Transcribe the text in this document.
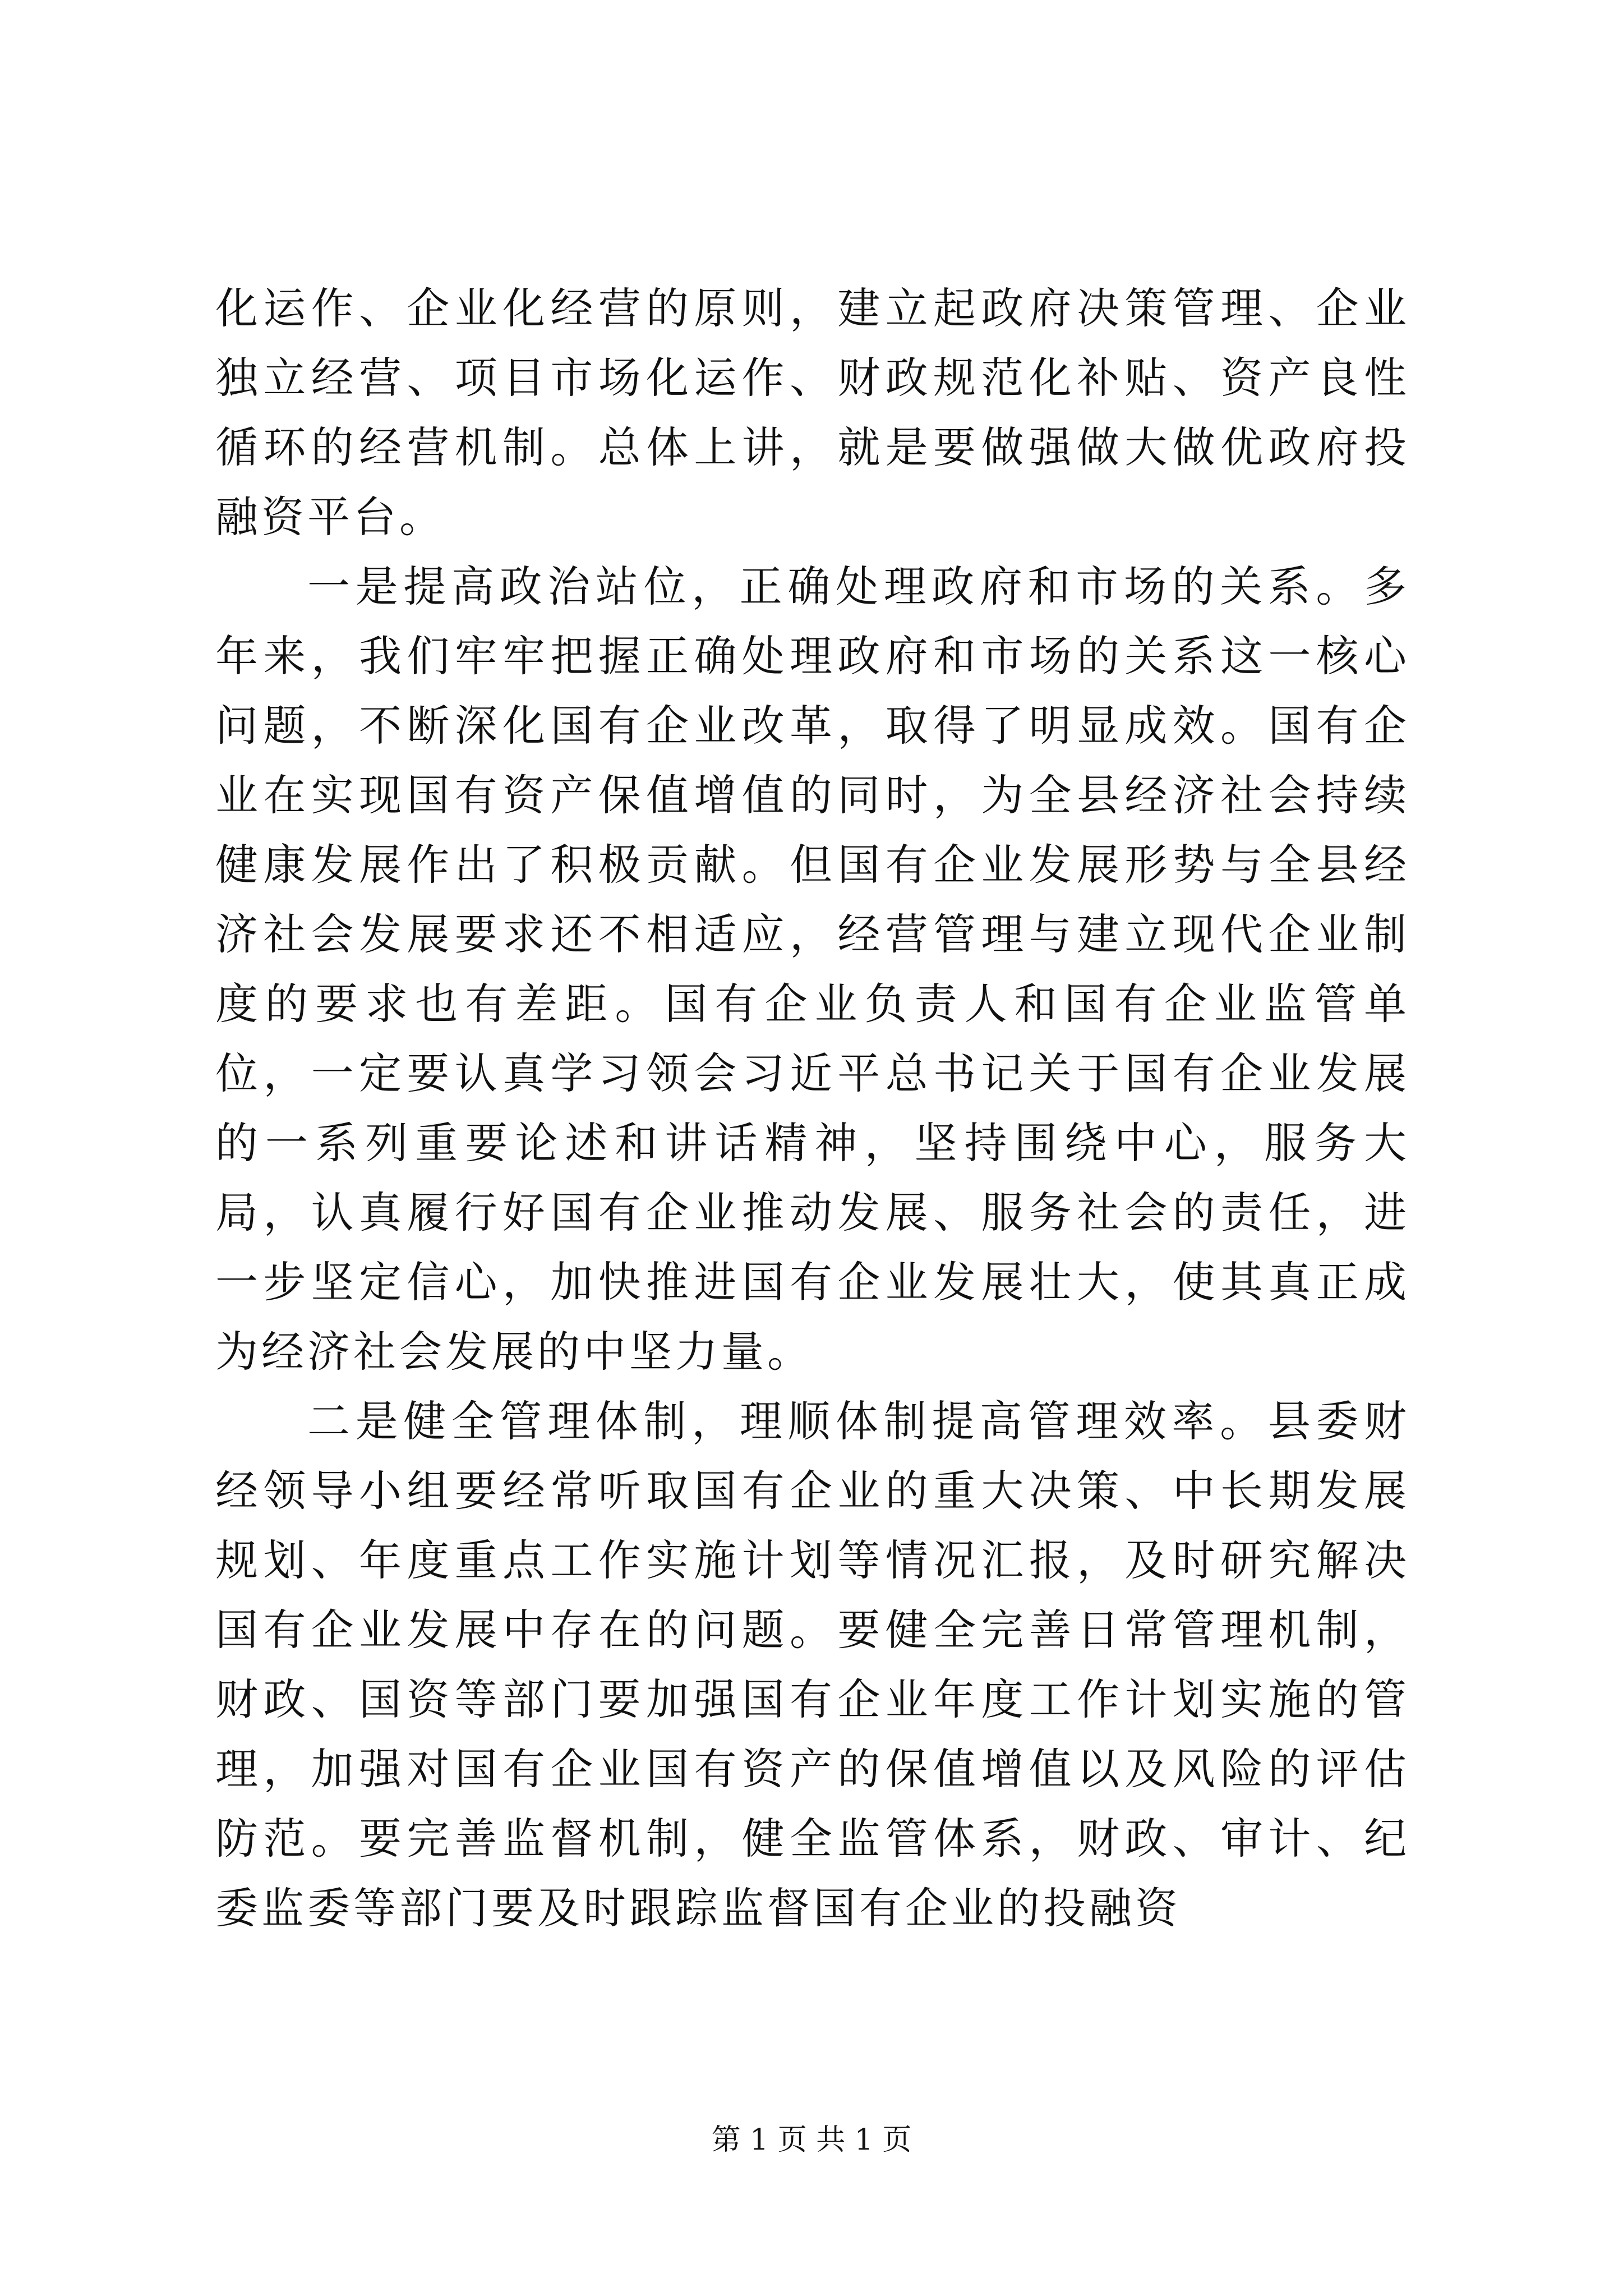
化运作、企业化经营的原则，建立起政府决策管理、企业独立经营、项目市场化运作、财政规范化补贴、资产良性循环的经营机制。总体上讲，就是要做强做大做优政府投融资平台。

一是提高政治站位，正确处理政府和市场的关系。多年来，我们牢牢把握正确处理政府和市场的关系这一核心问题，不断深化国有企业改革，取得了明显成效。国有企业在实现国有资产保值增值的同时，为全县经济社会持续健康发展作出了积极贡献。但国有企业发展形势与全县经济社会发展要求还不相适应，经营管理与建立现代企业制度的要求也有差距。国有企业负责人和国有企业监管单位，一定要认真学习领会习近平总书记关于国有企业发展的一系列重要论述和讲话精神，坚持围绕中心，服务大局，认真履行好国有企业推动发展、服务社会的责任，进一步坚定信心，加快推进国有企业发展壮大，使其真正成为经济社会发展的中坚力量。

二是健全管理体制，理顺体制提高管理效率。县委财经领导小组要经常听取国有企业的重大决策、中长期发展规划、年度重点工作实施计划等情况汇报，及时研究解决国有企业发展中存在的问题。要健全完善日常管理机制，财政、国资等部门要加强国有企业年度工作计划实施的管理，加强对国有企业国有资产的保值增值以及风险的评估防范。要完善监督机制，健全监管体系，财政、审计、纪委监委等部门要及时跟踪监督国有企业的投融资

第 1 页 共 1 页
